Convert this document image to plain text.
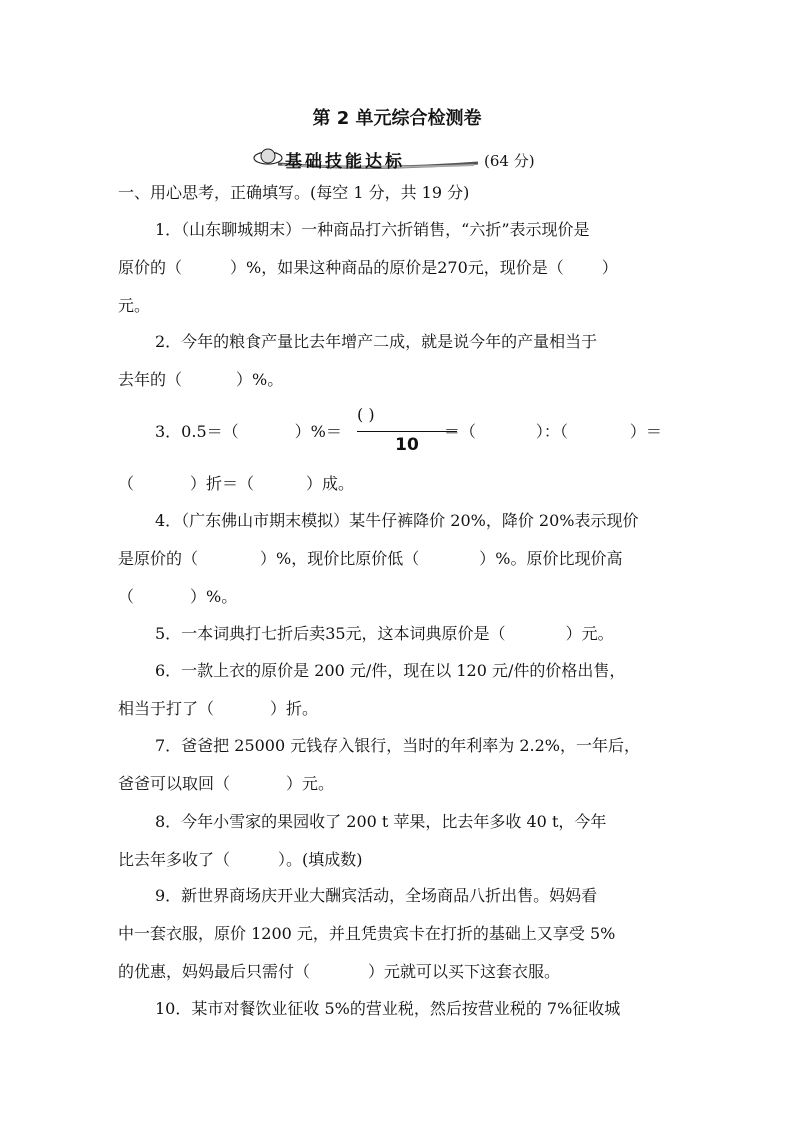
第 2 单元综合检测卷
基础技能达标	(64 分)
一、用心思考，正确填写。(每空 1 分，共 19 分)
1．（山东聊城期末）一种商品打六折销售，“六折”表示现价是
原价的（	）%，如果这种商品的原价是270元，现价是（ ）
元。
2．今年的粮食产量比去年增产二成，就是说今年的产量相当于
去年的（	）%。
3．0.5＝（	）%＝	＝（	）：（	）＝
( )
10
（	）折＝（	）成。
4．（广东佛山市期末模拟）某牛仔裤降价 20%，降价 20%表示现价
是原价的（	）%，现价比原价低（	）%。原价比现价高
（	）%。
5．一本词典打七折后卖35元，这本词典原价是（	）元。
6．一款上衣的原价是 200 元/件，现在以 120 元/件的价格出售，
相当于打了（	）折。
7．爸爸把 25000 元钱存入银行，当时的年利率为 2.2%，一年后，
爸爸可以取回（	）元。
8．今年小雪家的果园收了 200 t 苹果，比去年多收 40 t，今年
比去年多收了（	）。(填成数)
9．新世界商场庆开业大酬宾活动，全场商品八折出售。妈妈看
中一套衣服，原价 1200 元，并且凭贵宾卡在打折的基础上又享受 5%
的优惠，妈妈最后只需付（	）元就可以买下这套衣服。
10．某市对餐饮业征收 5%的营业税，然后按营业税的 7%征收城
